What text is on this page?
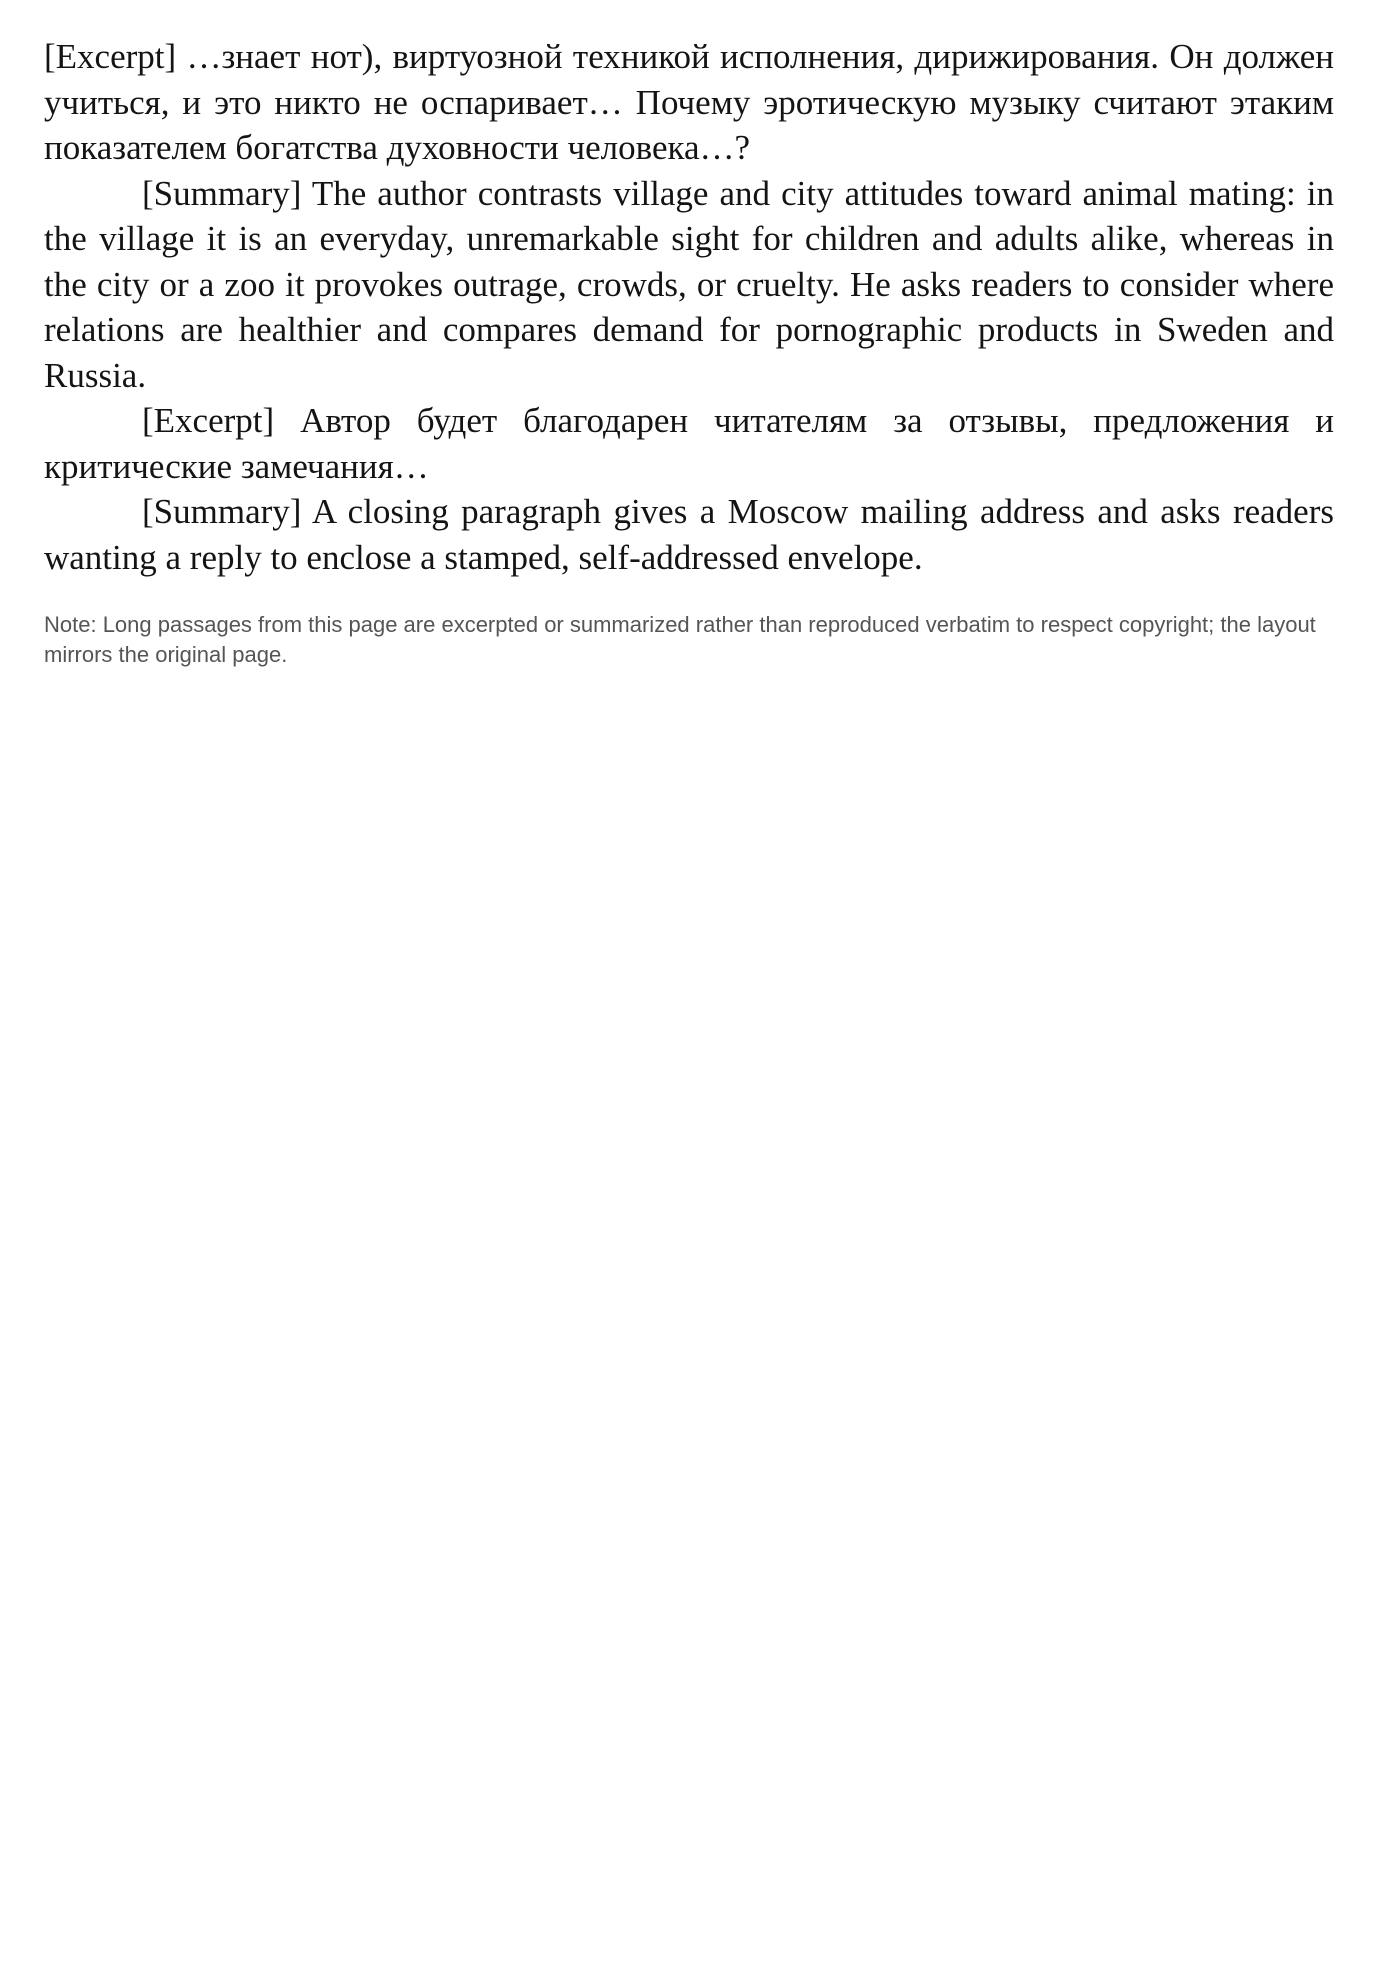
[Excerpt] …знает нот), виртуозной техникой исполнения, дирижирования. Он должен учиться, и это никто не оспаривает… Почему эротическую музыку считают этаким показателем богатства духовности человека…?

[Summary] The author contrasts village and city attitudes toward animal mating: in the village it is an everyday, unremarkable sight for children and adults alike, whereas in the city or a zoo it provokes outrage, crowds, or cruelty. He asks readers to consider where relations are healthier and compares demand for pornographic products in Sweden and Russia.

[Excerpt] Автор будет благодарен читателям за отзывы, предложения и критические замечания…

[Summary] A closing paragraph gives a Moscow mailing address and asks readers wanting a reply to enclose a stamped, self-addressed envelope.

Note: Long passages from this page are excerpted or summarized rather than reproduced verbatim to respect copyright; the layout mirrors the original page.
